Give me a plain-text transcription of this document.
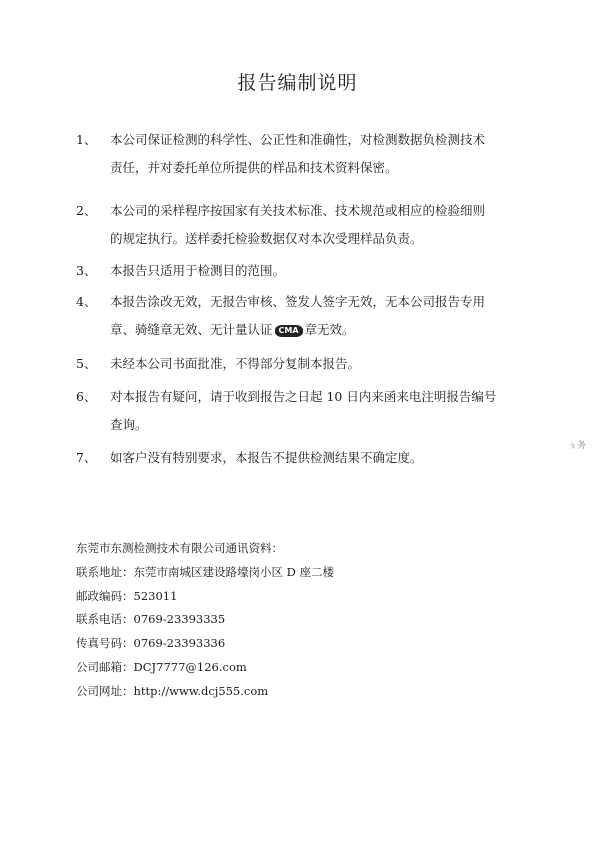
报告编制说明
1、	本公司保证检测的科学性、公正性和准确性，对检测数据负检测技术
责任，并对委托单位所提供的样品和技术资料保密。
2、	本公司的采样程序按国家有关技术标准、技术规范或相应的检验细则
的规定执行。送样委托检验数据仅对本次受理样品负责。
3、	本报告只适用于检测目的范围。
4、	本报告涂改无效，无报告审核、签发人签字无效，无本公司报告专用
章、骑缝章无效、无计量认证 CMA 章无效。
5、	未经本公司书面批准，不得部分复制本报告。
6、	对本报告有疑问，请于收到报告之日起 10 日内来函来电注明报告编号
查询。
7、	如客户没有特别要求，本报告不提供检测结果不确定度。
东莞市东测检测技术有限公司通讯资料：
联系地址：东莞市南城区建设路壕岗小区 D 座二楼
邮政编码：523011
联系电话：0769-23393335
传真号码：0769-23393336
公司邮箱：DCJ7777@126.com
公司网址：http://www.dcj555.com
ㄆ务
